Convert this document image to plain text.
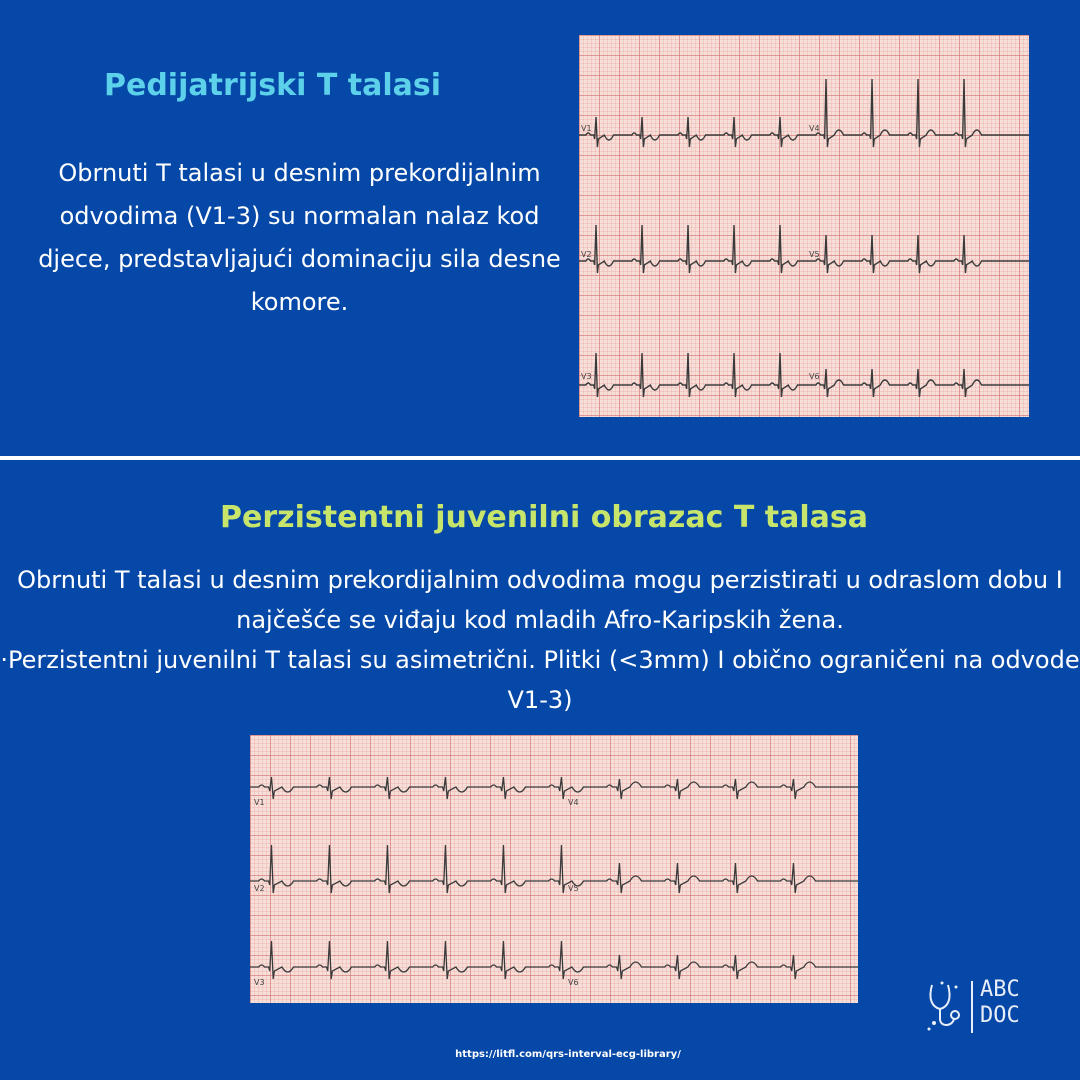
Pedijatrijski T talasi

Obrnuti T talasi u desnim prekordijalnim odvodima (V1-3) su normalan nalaz kod djece, predstavljajući dominaciju sila desne komore.

V1	V4
V2	V5
V3	V6
Perzistentni juvenilni obrazac T talasa

Obrnuti T talasi u desnim prekordijalnim odvodima mogu perzistirati u odraslom dobu I najčešće se viđaju kod mladih Afro-Karipskih žena.

·Perzistentni juvenilni T talasi su asimetrični. Plitki (<3mm) I obično ograničeni na odvode V1-3)

V1	V4
V2	V5
V3	V6	ABC
DOC
https://litfl.com/qrs-interval-ecg-library/
